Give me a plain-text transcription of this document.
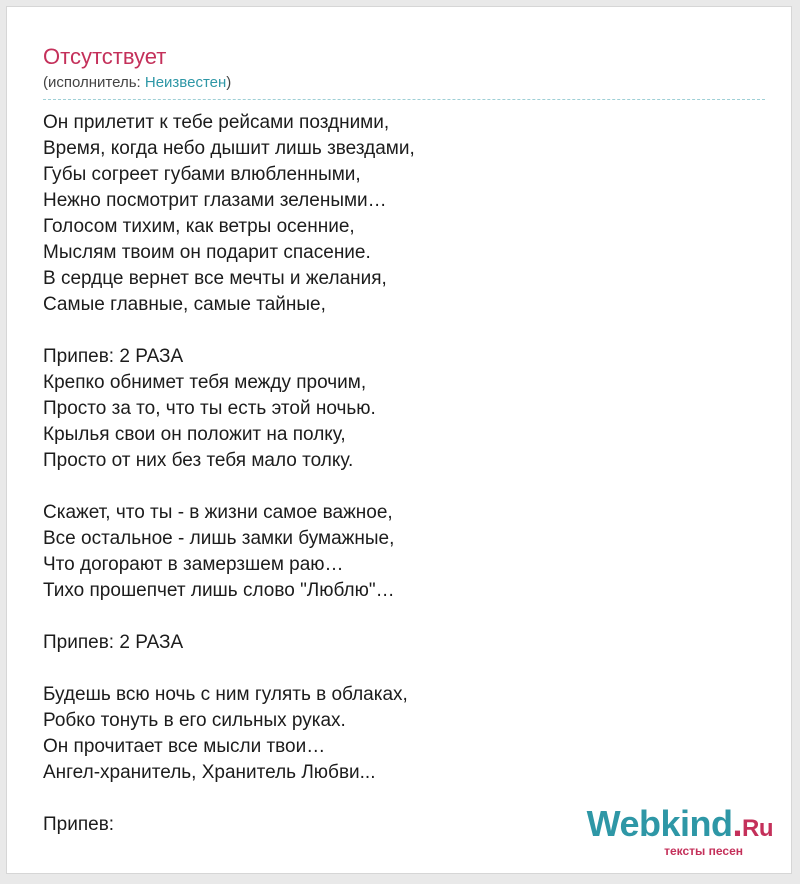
Отсутствует
(исполнитель: Неизвестен)
Он прилетит к тебе рейсами поздними,
Время, когда небо дышит лишь звездами,
Губы согреет губами влюбленными,
Нежно посмотрит глазами зелеными…
Голосом тихим, как ветры осенние,
Мыслям твоим он подарит спасение.
В сердце вернет все мечты и желания,
Самые главные, самые тайные,
Припев: 2 РАЗА
Крепко обнимет тебя между прочим,
Просто за то, что ты есть этой ночью.
Крылья свои он положит на полку,
Просто от них без тебя мало толку.
Скажет, что ты - в жизни самое важное,
Все остальное - лишь замки бумажные,
Что догорают в замерзшем раю…
Тихо прошепчет лишь слово "Люблю"…
Припев: 2 РАЗА
Будешь всю ночь с ним гулять в облаках,
Робко тонуть в его сильных руках.
Он прочитает все мысли твои…
Ангел-хранитель, Хранитель Любви...
Припев:	Webkind.Ru
тексты песен
